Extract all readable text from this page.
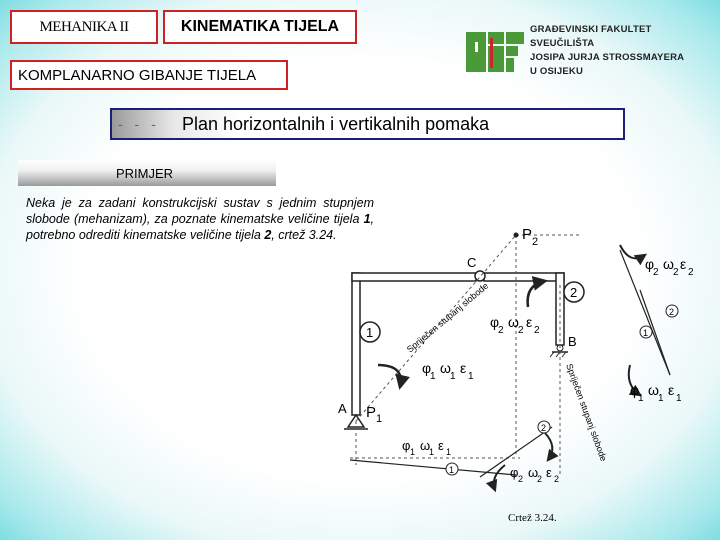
MEHANIKA II	KINEMATIKA TIJELA
KOMPLANARNO GIBANJE TIJELA
GRAĐEVINSKI FAKULTET
SVEUČILIŠTA
JOSIPA JURJA STROSSMAYERA
U OSIJEKU
- - - Plan horizontalnih i vertikalnih pomaka
PRIMJER
Neka je za zadani konstrukcijski sustav s jednim stupnjem slobode (mehanizam), za poznate kinematske veličine tijela 1, potrebno odrediti kinematske veličine tijela 2, crtež 3.24.	P 2
C
B
A P 1
1
2
1
2
2
1
Spriječen stupanj slobode
Spriječen stupanj slobode
φ
2
ω
2
ε
2
φ
1
ω
1
ε
1
φ
2
ω
2
ε
2
φ
1
ω
1
ε
1
φ 1 ω
1 ε 1
φ 2 ω
2 ε 2
Crtež 3.24.
